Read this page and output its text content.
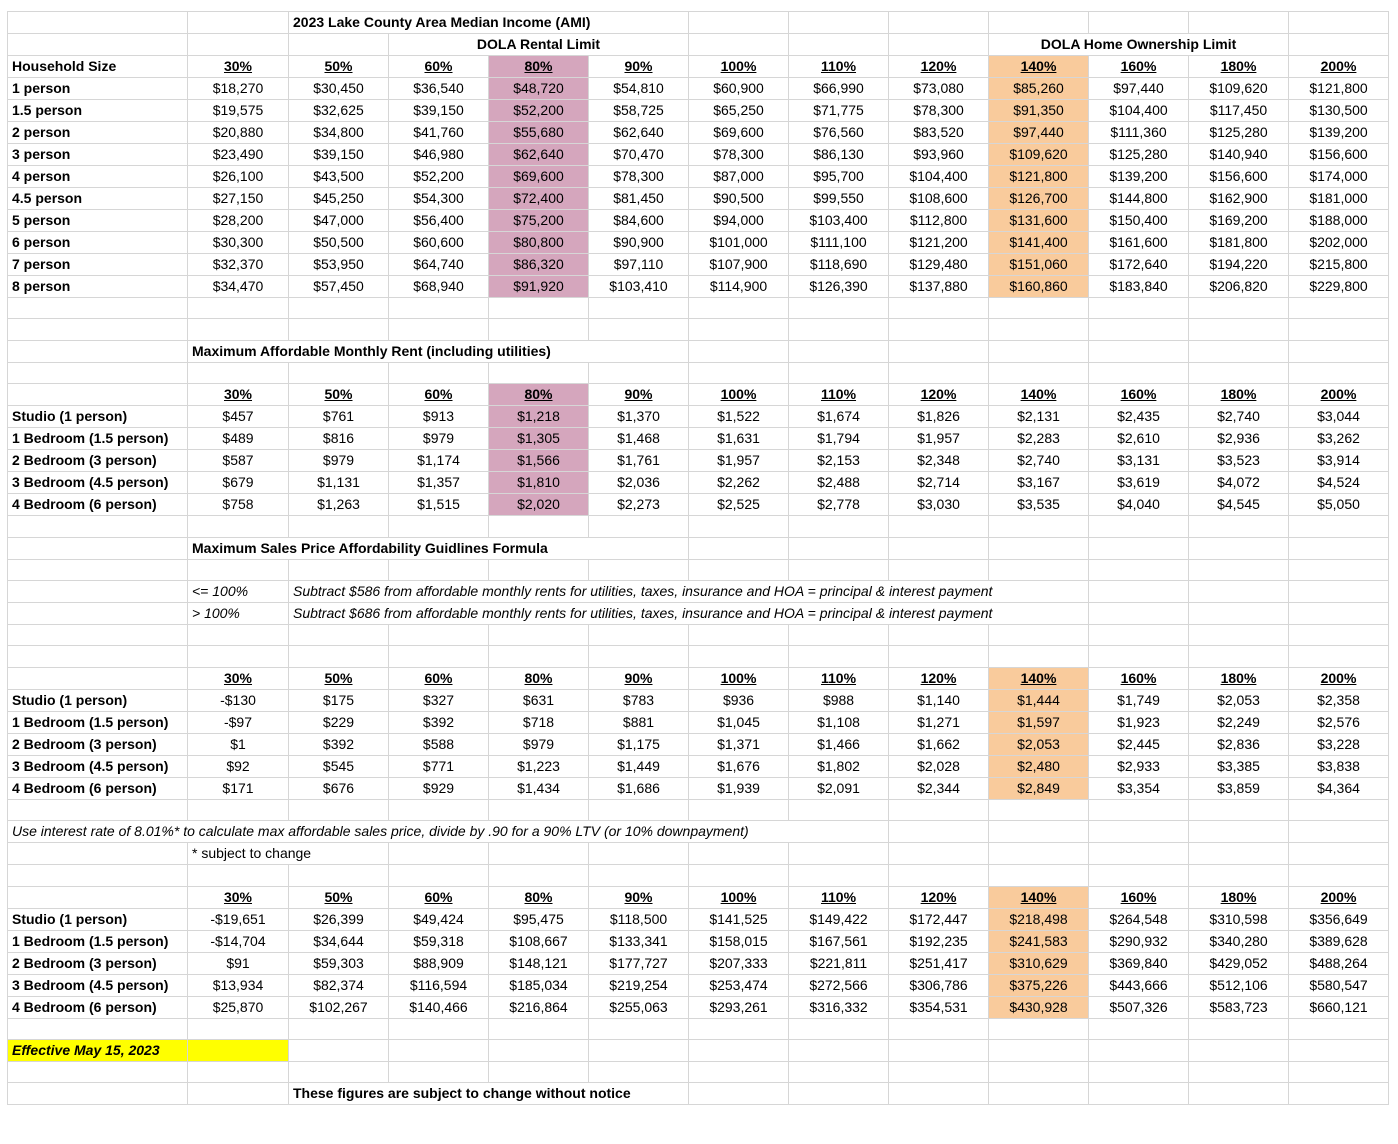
		2023 Lake County Area Median Income (AMI)											
			DOLA Rental Limit						DOLA Home Ownership Limit				
Household Size	30%	50%	60%	80%	90%	100%	110%	120%	140%	160%	180%	200%	
1 person	$18,270	$30,450	$36,540	$48,720	$54,810	$60,900	$66,990	$73,080	$85,260	$97,440	$109,620	$121,800	
1.5 person	$19,575	$32,625	$39,150	$52,200	$58,725	$65,250	$71,775	$78,300	$91,350	$104,400	$117,450	$130,500	
2 person	$20,880	$34,800	$41,760	$55,680	$62,640	$69,600	$76,560	$83,520	$97,440	$111,360	$125,280	$139,200	
3 person	$23,490	$39,150	$46,980	$62,640	$70,470	$78,300	$86,130	$93,960	$109,620	$125,280	$140,940	$156,600	
4 person	$26,100	$43,500	$52,200	$69,600	$78,300	$87,000	$95,700	$104,400	$121,800	$139,200	$156,600	$174,000	
4.5 person	$27,150	$45,250	$54,300	$72,400	$81,450	$90,500	$99,550	$108,600	$126,700	$144,800	$162,900	$181,000	
5 person	$28,200	$47,000	$56,400	$75,200	$84,600	$94,000	$103,400	$112,800	$131,600	$150,400	$169,200	$188,000	
6 person	$30,300	$50,500	$60,600	$80,800	$90,900	$101,000	$111,100	$121,200	$141,400	$161,600	$181,800	$202,000	
7 person	$32,370	$53,950	$64,740	$86,320	$97,110	$107,900	$118,690	$129,480	$151,060	$172,640	$194,220	$215,800	
8 person	$34,470	$57,450	$68,940	$91,920	$103,410	$114,900	$126,390	$137,880	$160,860	$183,840	$206,820	$229,800	

	Maximum Affordable Monthly Rent (including utilities)												

	30%	50%	60%	80%	90%	100%	110%	120%	140%	160%	180%	200%	
Studio (1 person)	$457	$761	$913	$1,218	$1,370	$1,522	$1,674	$1,826	$2,131	$2,435	$2,740	$3,044	
1 Bedroom (1.5 person)	$489	$816	$979	$1,305	$1,468	$1,631	$1,794	$1,957	$2,283	$2,610	$2,936	$3,262	
2 Bedroom (3 person)	$587	$979	$1,174	$1,566	$1,761	$1,957	$2,153	$2,348	$2,740	$3,131	$3,523	$3,914	
3 Bedroom (4.5 person)	$679	$1,131	$1,357	$1,810	$2,036	$2,262	$2,488	$2,714	$3,167	$3,619	$4,072	$4,524	
4 Bedroom (6 person)	$758	$1,263	$1,515	$2,020	$2,273	$2,525	$2,778	$3,030	$3,535	$4,040	$4,545	$5,050	

	Maximum Sales Price Affordability Guidlines Formula												

	<= 100%	Subtract $586 from affordable monthly rents for utilities, taxes, insurance and HOA = principal & interest payment											
	> 100%	Subtract $686 from affordable monthly rents for utilities, taxes, insurance and HOA = principal & interest payment											

	30%	50%	60%	80%	90%	100%	110%	120%	140%	160%	180%	200%	
Studio (1 person)	-$130	$175	$327	$631	$783	$936	$988	$1,140	$1,444	$1,749	$2,053	$2,358	
1 Bedroom (1.5 person)	-$97	$229	$392	$718	$881	$1,045	$1,108	$1,271	$1,597	$1,923	$2,249	$2,576	
2 Bedroom (3 person)	$1	$392	$588	$979	$1,175	$1,371	$1,466	$1,662	$2,053	$2,445	$2,836	$3,228	
3 Bedroom (4.5 person)	$92	$545	$771	$1,223	$1,449	$1,676	$1,802	$2,028	$2,480	$2,933	$3,385	$3,838	
4 Bedroom (6 person)	$171	$676	$929	$1,434	$1,686	$1,939	$2,091	$2,344	$2,849	$3,354	$3,859	$4,364	

Use interest rate of 8.01%* to calculate max affordable sales price, divide by .90 for a 90% LTV (or 10% downpayment)													
	* subject to change												

	30%	50%	60%	80%	90%	100%	110%	120%	140%	160%	180%	200%	
Studio (1 person)	-$19,651	$26,399	$49,424	$95,475	$118,500	$141,525	$149,422	$172,447	$218,498	$264,548	$310,598	$356,649	
1 Bedroom (1.5 person)	-$14,704	$34,644	$59,318	$108,667	$133,341	$158,015	$167,561	$192,235	$241,583	$290,932	$340,280	$389,628	
2 Bedroom (3 person)	$91	$59,303	$88,909	$148,121	$177,727	$207,333	$221,811	$251,417	$310,629	$369,840	$429,052	$488,264	
3 Bedroom (4.5 person)	$13,934	$82,374	$116,594	$185,034	$219,254	$253,474	$272,566	$306,786	$375,226	$443,666	$512,106	$580,547	
4 Bedroom (6 person)	$25,870	$102,267	$140,466	$216,864	$255,063	$293,261	$316,332	$354,531	$430,928	$507,326	$583,723	$660,121	

Effective May 15, 2023													

		These figures are subject to change without notice											
